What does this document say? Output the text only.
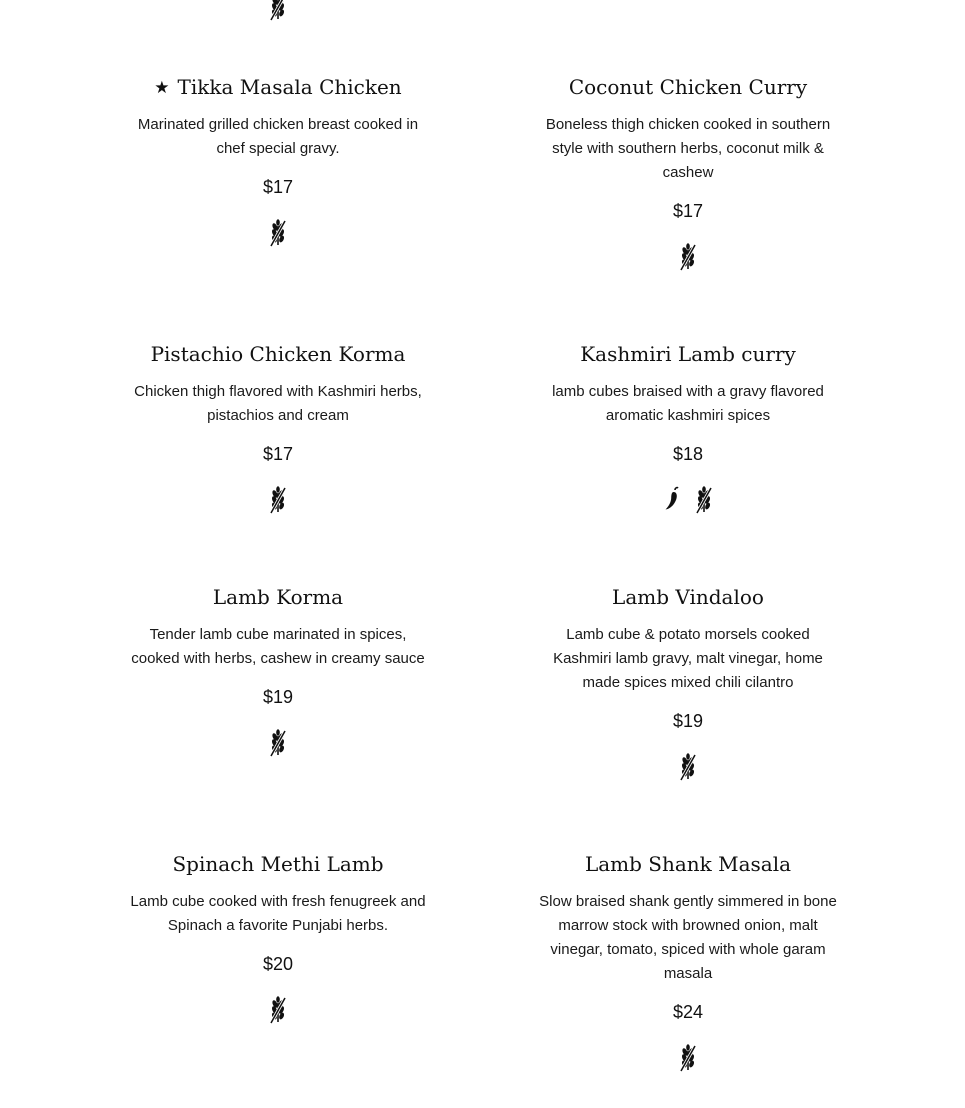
★ Tikka Masala Chicken
Marinated grilled chicken breast cooked in chef special gravy.
$17
Coconut Chicken Curry
Boneless thigh chicken cooked in southern style with southern herbs, coconut milk & cashew
$17
Pistachio Chicken Korma
Chicken thigh flavored with Kashmiri herbs, pistachios and cream
$17
Kashmiri Lamb curry
lamb cubes braised with a gravy flavored aromatic kashmiri spices
$18
Lamb Korma
Tender lamb cube marinated in spices, cooked with herbs, cashew in creamy sauce
$19
Lamb Vindaloo
Lamb cube & potato morsels cooked Kashmiri lamb gravy, malt vinegar, home made spices mixed chili cilantro
$19
Spinach Methi Lamb
Lamb cube cooked with fresh fenugreek and Spinach a favorite Punjabi herbs.
$20
Lamb Shank Masala
Slow braised shank gently simmered in bone marrow stock with browned onion, malt vinegar, tomato, spiced with whole garam masala
$24
